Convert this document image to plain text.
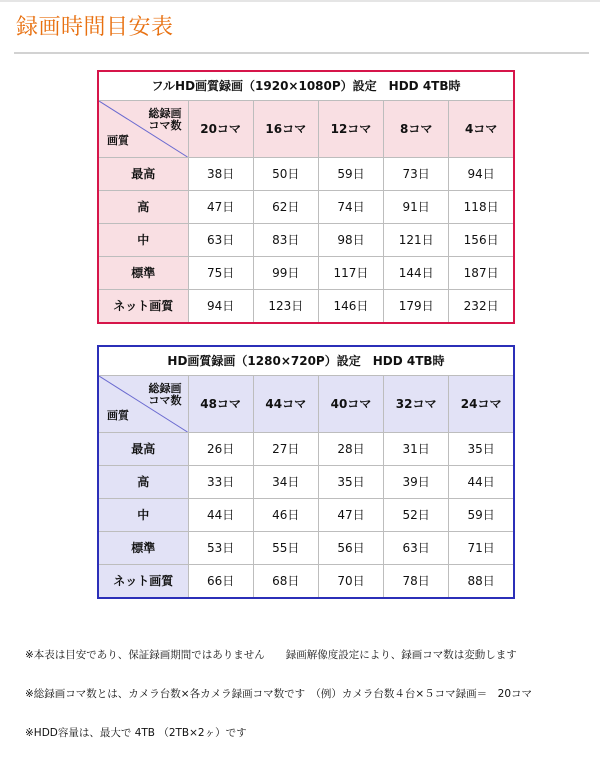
録画時間目安表
フルHD画質録画（1920×1080P）設定　HDD 4TB時					

総録画
コマ数
画質	20コマ	16コマ	12コマ	8コマ	4コマ
最高	38日	50日	59日	73日	94日
高	47日	62日	74日	91日	118日
中	63日	83日	98日	121日	156日
標準	75日	99日	117日	144日	187日
ネット画質	94日	123日	146日	179日	232日
HD画質録画（1280×720P）設定　HDD 4TB時					

総録画
コマ数
画質	48コマ	44コマ	40コマ	32コマ	24コマ
最高	26日	27日	28日	31日	35日
高	33日	34日	35日	39日	44日
中	44日	46日	47日	52日	59日
標準	53日	55日	56日	63日	71日
ネット画質	66日	68日	70日	78日	88日

※本表は目安であり、保証録画期間ではありません　　録画解像度設定により、録画コマ数は変動します

※総録画コマ数とは、カメラ台数×各カメラ録画コマ数です　（例）カメラ台数４台×５コマ録画＝　20コマ

※HDD容量は、最大で 4TB （2TB×2ヶ）です
